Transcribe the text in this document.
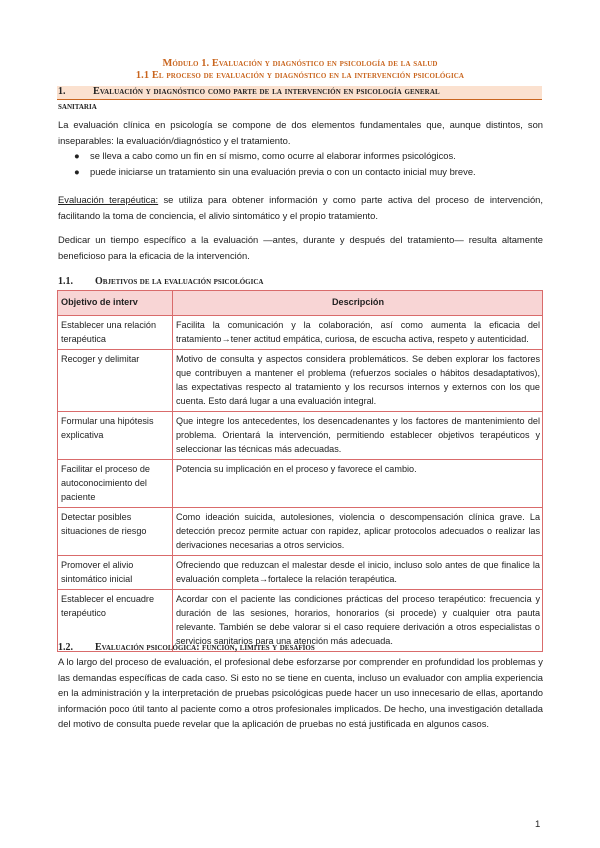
Módulo 1. Evaluación y diagnóstico en psicología de la salud
1.1 El proceso de evaluación y diagnóstico en la intervención psicológica
1.	Evaluación y diagnóstico como parte de la intervención en psicología general
sanitaria

La evaluación clínica en psicología se compone de dos elementos fundamentales que, aunque distintos, son inseparables: la evaluación/diagnóstico y el tratamiento.

● se lleva a cabo como un fin en sí mismo, como ocurre al elaborar informes psicológicos.
● puede iniciarse un tratamiento sin una evaluación previa o con un contacto inicial muy breve.

Evaluación terapéutica: se utiliza para obtener información y como parte activa del proceso de intervención, facilitando la toma de conciencia, el alivio sintomático y el propio tratamiento.

Dedicar un tiempo específico a la evaluación —antes, durante y después del tratamiento— resulta altamente beneficioso para la eficacia de la intervención.

1.1. Objetivos de la evaluación psicológica
Objetivo de interv	Descripción
Establecer una relación terapéutica	Facilita la comunicación y la colaboración, así como aumenta la eficacia del tratamiento→tener actitud empática, curiosa, de escucha activa, respeto y autenticidad.
Recoger y delimitar	Motivo de consulta y aspectos considera problemáticos. Se deben explorar los factores que contribuyen a mantener el problema (refuerzos sociales o hábitos desadaptativos), las expectativas respecto al tratamiento y los recursos internos y externos con los que cuenta. Esto dará lugar a una evaluación integral.
Formular una hipótesis explicativa	Que integre los antecedentes, los desencadenantes y los factores de mantenimiento del problema. Orientará la intervención, permitiendo establecer objetivos terapéuticos y seleccionar las técnicas más adecuadas.
Facilitar el proceso de autoconocimiento del paciente	Potencia su implicación en el proceso y favorece el cambio.
Detectar posibles situaciones de riesgo	Como ideación suicida, autolesiones, violencia o descompensación clínica grave. La detección precoz permite actuar con rapidez, aplicar protocolos adecuados o realizar las derivaciones necesarias a otros servicios.
Promover el alivio sintomático inicial	Ofreciendo que reduzcan el malestar desde el inicio, incluso solo antes de que finalice la evaluación completa→fortalece la relación terapéutica.
Establecer el encuadre terapéutico	Acordar con el paciente las condiciones prácticas del proceso terapéutico: frecuencia y duración de las sesiones, horarios, honorarios (si procede) y cualquier otra pauta relevante. También se debe valorar si el caso requiere derivación a otros especialistas o servicios sanitarios para una atención más adecuada.
1.2. Evaluación psicológica: función, límites y desafíos

A lo largo del proceso de evaluación, el profesional debe esforzarse por comprender en profundidad los problemas y las demandas específicas de cada caso. Si esto no se tiene en cuenta, incluso un evaluador con amplia experiencia en la administración y la interpretación de pruebas psicológicas puede hacer un uso innecesario de ellas, aportando información poco útil tanto al paciente como a otros profesionales implicados. De hecho, una investigación detallada del motivo de consulta puede revelar que la aplicación de pruebas no está justificada en algunos casos.

1
